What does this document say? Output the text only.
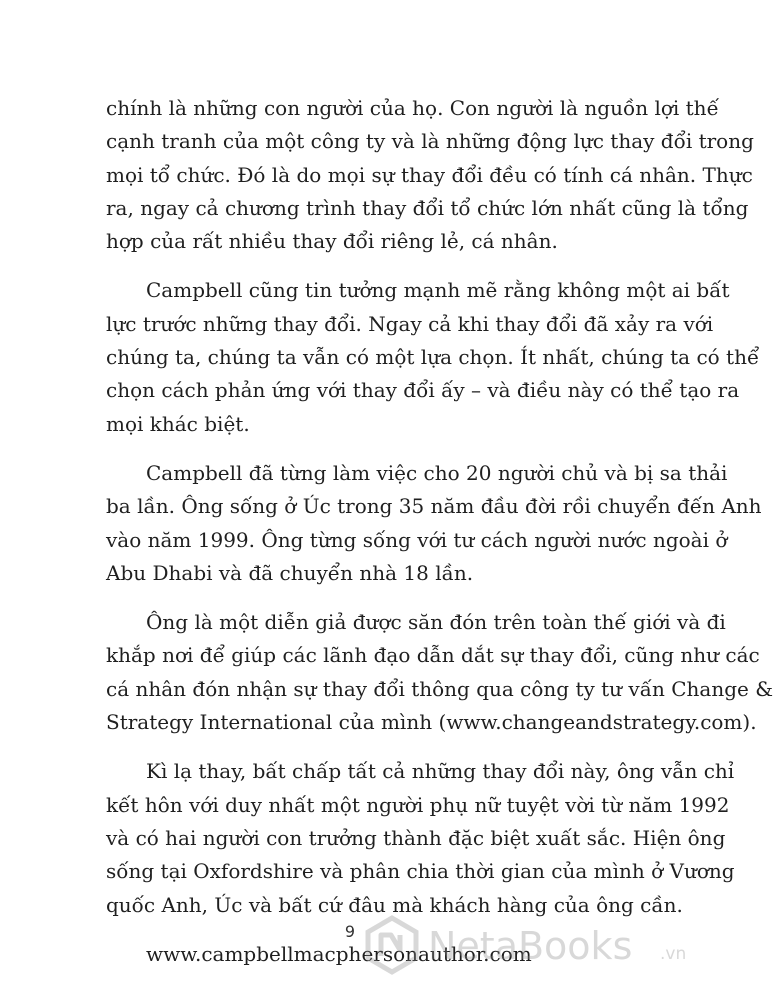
chính là những con người của họ. Con người là nguồn lợi thế
cạnh tranh của một công ty và là những động lực thay đổi trong
mọi tổ chức. Đó là do mọi sự thay đổi đều có tính cá nhân. Thực
ra, ngay cả chương trình thay đổi tổ chức lớn nhất cũng là tổng
hợp của rất nhiều thay đổi riêng lẻ, cá nhân.

Campbell cũng tin tưởng mạnh mẽ rằng không một ai bất
lực trước những thay đổi. Ngay cả khi thay đổi đã xảy ra với
chúng ta, chúng ta vẫn có một lựa chọn. Ít nhất, chúng ta có thể
chọn cách phản ứng với thay đổi ấy – và điều này có thể tạo ra
mọi khác biệt.

Campbell đã từng làm việc cho 20 người chủ và bị sa thải
ba lần. Ông sống ở Úc trong 35 năm đầu đời rồi chuyển đến Anh
vào năm 1999. Ông từng sống với tư cách người nước ngoài ở
Abu Dhabi và đã chuyển nhà 18 lần.

Ông là một diễn giả được săn đón trên toàn thế giới và đi
khắp nơi để giúp các lãnh đạo dẫn dắt sự thay đổi, cũng như các
cá nhân đón nhận sự thay đổi thông qua công ty tư vấn Change &
Strategy International của mình (www.changeandstrategy.com).

Kì lạ thay, bất chấp tất cả những thay đổi này, ông vẫn chỉ
kết hôn với duy nhất một người phụ nữ tuyệt vời từ năm 1992
và có hai người con trưởng thành đặc biệt xuất sắc. Hiện ông
sống tại Oxfordshire và phân chia thời gian của mình ở Vương
quốc Anh, Úc và bất cứ đâu mà khách hàng của ông cần.

www.campbellmacphersonauthor.com

9 NetaBooks .vn
